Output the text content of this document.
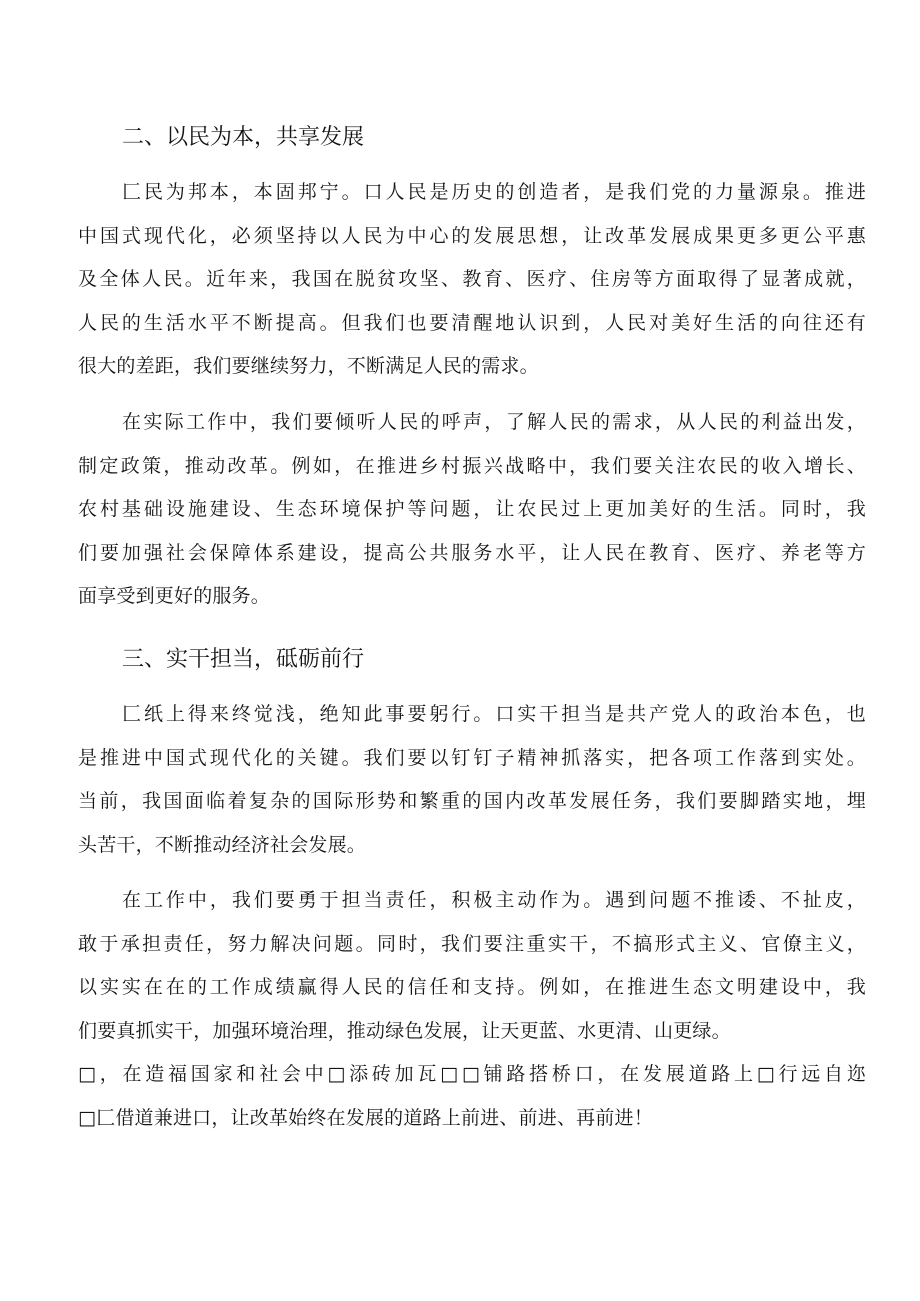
二、以民为本，共享发展
匚民为邦本，本固邦宁。口人民是历史的创造者，是我们党的力量源泉。推进
中国式现代化，必须坚持以人民为中心的发展思想，让改革发展成果更多更公平惠
及全体人民。近年来，我国在脱贫攻坚、教育、医疗、住房等方面取得了显著成就，
人民的生活水平不断提高。但我们也要清醒地认识到，人民对美好生活的向往还有
很大的差距，我们要继续努力，不断满足人民的需求。
在实际工作中，我们要倾听人民的呼声，了解人民的需求，从人民的利益出发，
制定政策，推动改革。例如，在推进乡村振兴战略中，我们要关注农民的收入增长、
农村基础设施建设、生态环境保护等问题，让农民过上更加美好的生活。同时，我
们要加强社会保障体系建设，提高公共服务水平，让人民在教育、医疗、养老等方
面享受到更好的服务。
三、实干担当，砥砺前行
匚纸上得来终觉浅，绝知此事要躬行。口实干担当是共产党人的政治本色，也
是推进中国式现代化的关键。我们要以钉钉子精神抓落实，把各项工作落到实处。
当前，我国面临着复杂的国际形势和繁重的国内改革发展任务，我们要脚踏实地，埋
头苦干，不断推动经济社会发展。
在工作中，我们要勇于担当责任，积极主动作为。遇到问题不推诿、不扯皮，
敢于承担责任，努力解决问题。同时，我们要注重实干，不搞形式主义、官僚主义，
以实实在在的工作成绩赢得人民的信任和支持。例如，在推进生态文明建设中，我
们要真抓实干，加强环境治理，推动绿色发展，让天更蓝、水更清、山更绿。
□，在造福国家和社会中□添砖加瓦□□铺路搭桥口，在发展道路上□行远自迩
□匚借道兼进口，让改革始终在发展的道路上前进、前进、再前进！
